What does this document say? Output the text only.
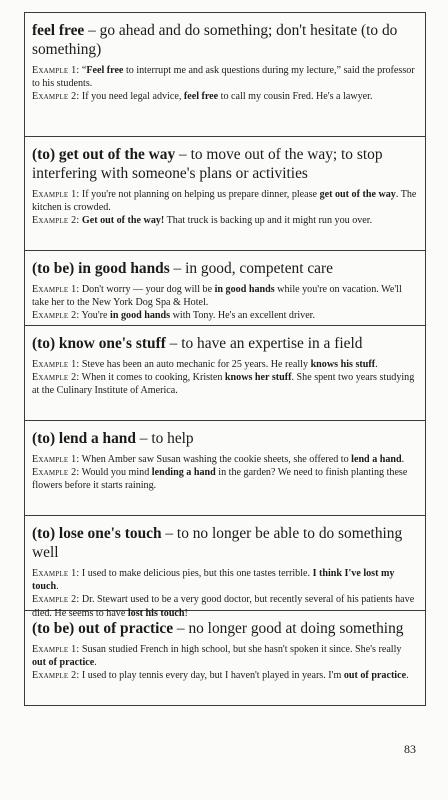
feel free – go ahead and do something; don't hesitate (to do something)

Example 1: “Feel free to interrupt me and ask questions during my lecture,” said the professor to his students.

Example 2: If you need legal advice, feel free to call my cousin Fred. He's a lawyer.

(to) get out of the way – to move out of the way; to stop interfering with someone's plans or activities

Example 1: If you're not planning on helping us prepare dinner, please get out of the way. The kitchen is crowded.

Example 2: Get out of the way! That truck is backing up and it might run you over.

(to be) in good hands – in good, competent care

Example 1: Don't worry — your dog will be in good hands while you're on vacation. We'll take her to the New York Dog Spa & Hotel.

Example 2: You're in good hands with Tony. He's an excellent driver.

(to) know one's stuff – to have an expertise in a field

Example 1: Steve has been an auto mechanic for 25 years. He really knows his stuff.

Example 2: When it comes to cooking, Kristen knows her stuff. She spent two years studying at the Culinary Institute of America.

(to) lend a hand – to help

Example 1: When Amber saw Susan washing the cookie sheets, she offered to lend a hand.

Example 2: Would you mind lending a hand in the garden? We need to finish planting these flowers before it starts raining.

(to) lose one's touch – to no longer be able to do something well

Example 1: I used to make delicious pies, but this one tastes terrible. I think I've lost my touch.

Example 2: Dr. Stewart used to be a very good doctor, but recently several of his patients have died. He seems to have lost his touch!

(to be) out of practice – no longer good at doing something

Example 1: Susan studied French in high school, but she hasn't spoken it since. She's really out of practice.

Example 2: I used to play tennis every day, but I haven't played in years. I'm out of practice.

83
